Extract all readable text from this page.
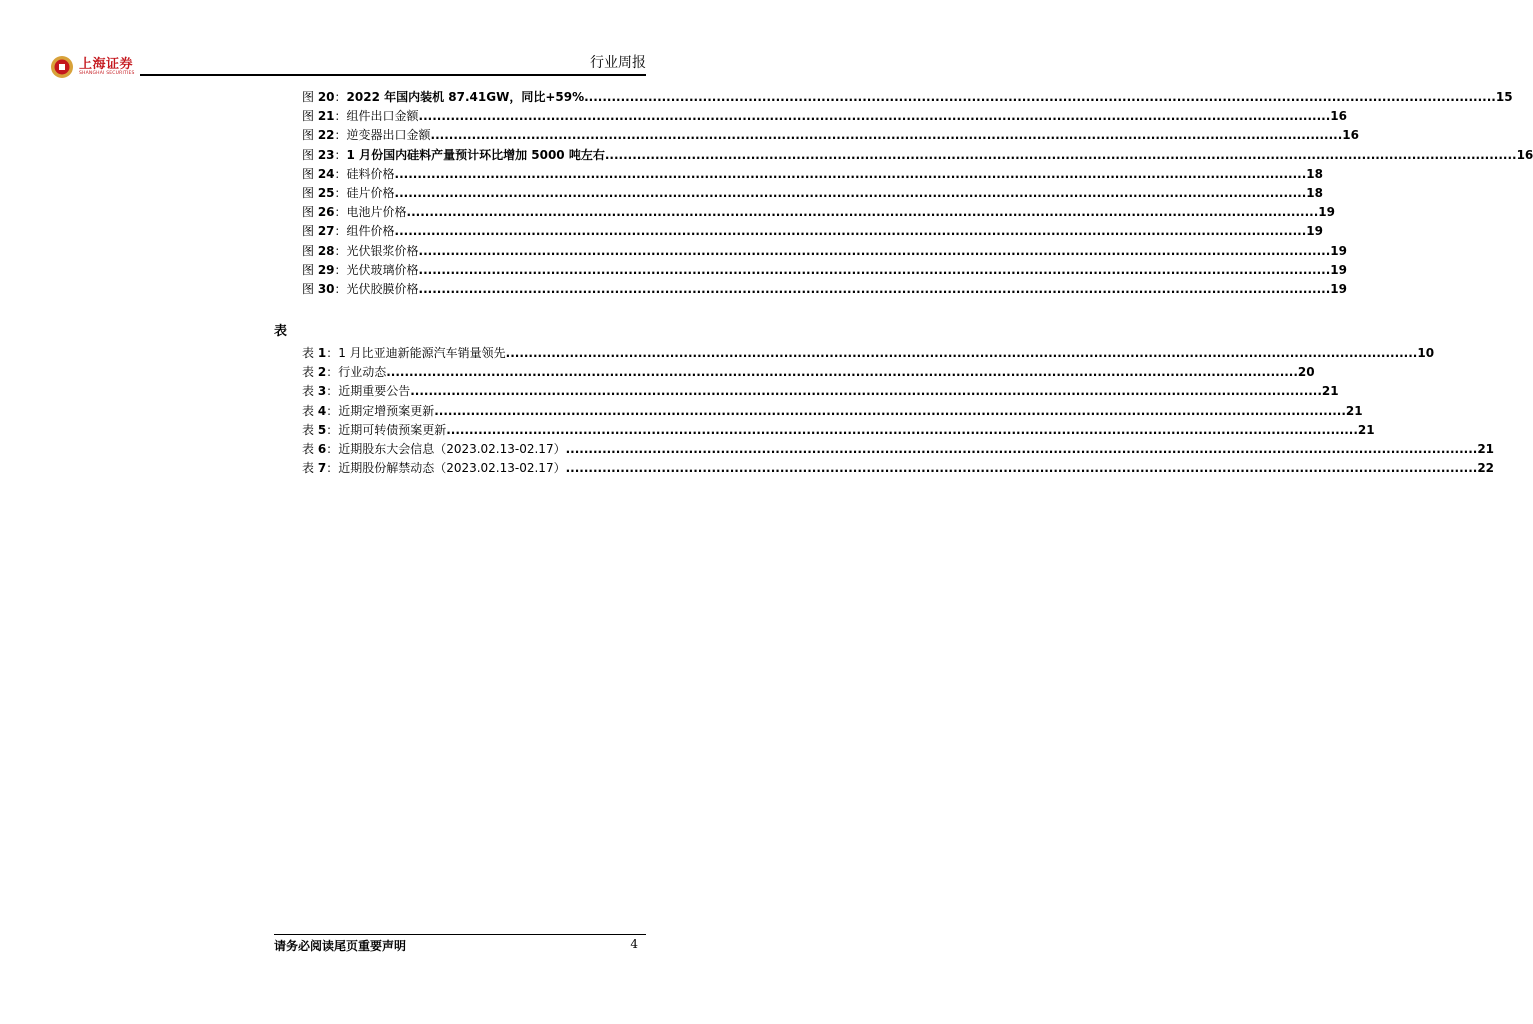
上海证券
SHANGHAI SECURITIES
行业周报
图 20：2022 年国内装机 87.41GW，同比+59% ........................................................................................................................................................................................................ 15
图 21：组件出口金额 ........................................................................................................................................................................................................ 16
图 22：逆变器出口金额 ........................................................................................................................................................................................................ 16
图 23：1 月份国内硅料产量预计环比增加 5000 吨左右 ........................................................................................................................................................................................................ 16
图 24：硅料价格 ........................................................................................................................................................................................................ 18
图 25：硅片价格 ........................................................................................................................................................................................................ 18
图 26：电池片价格 ........................................................................................................................................................................................................ 19
图 27：组件价格 ........................................................................................................................................................................................................ 19
图 28：光伏银浆价格 ........................................................................................................................................................................................................ 19
图 29：光伏玻璃价格 ........................................................................................................................................................................................................ 19
图 30：光伏胶膜价格 ........................................................................................................................................................................................................ 19
表
表 1：1 月比亚迪新能源汽车销量领先 ........................................................................................................................................................................................................ 10
表 2：行业动态 ........................................................................................................................................................................................................ 20
表 3：近期重要公告 ........................................................................................................................................................................................................ 21
表 4：近期定增预案更新 ........................................................................................................................................................................................................ 21
表 5：近期可转债预案更新 ........................................................................................................................................................................................................ 21
表 6：近期股东大会信息（2023.02.13-02.17） ........................................................................................................................................................................................................ 21
表 7：近期股份解禁动态（2023.02.13-02.17） ........................................................................................................................................................................................................ 22
请务必阅读尾页重要声明	4
